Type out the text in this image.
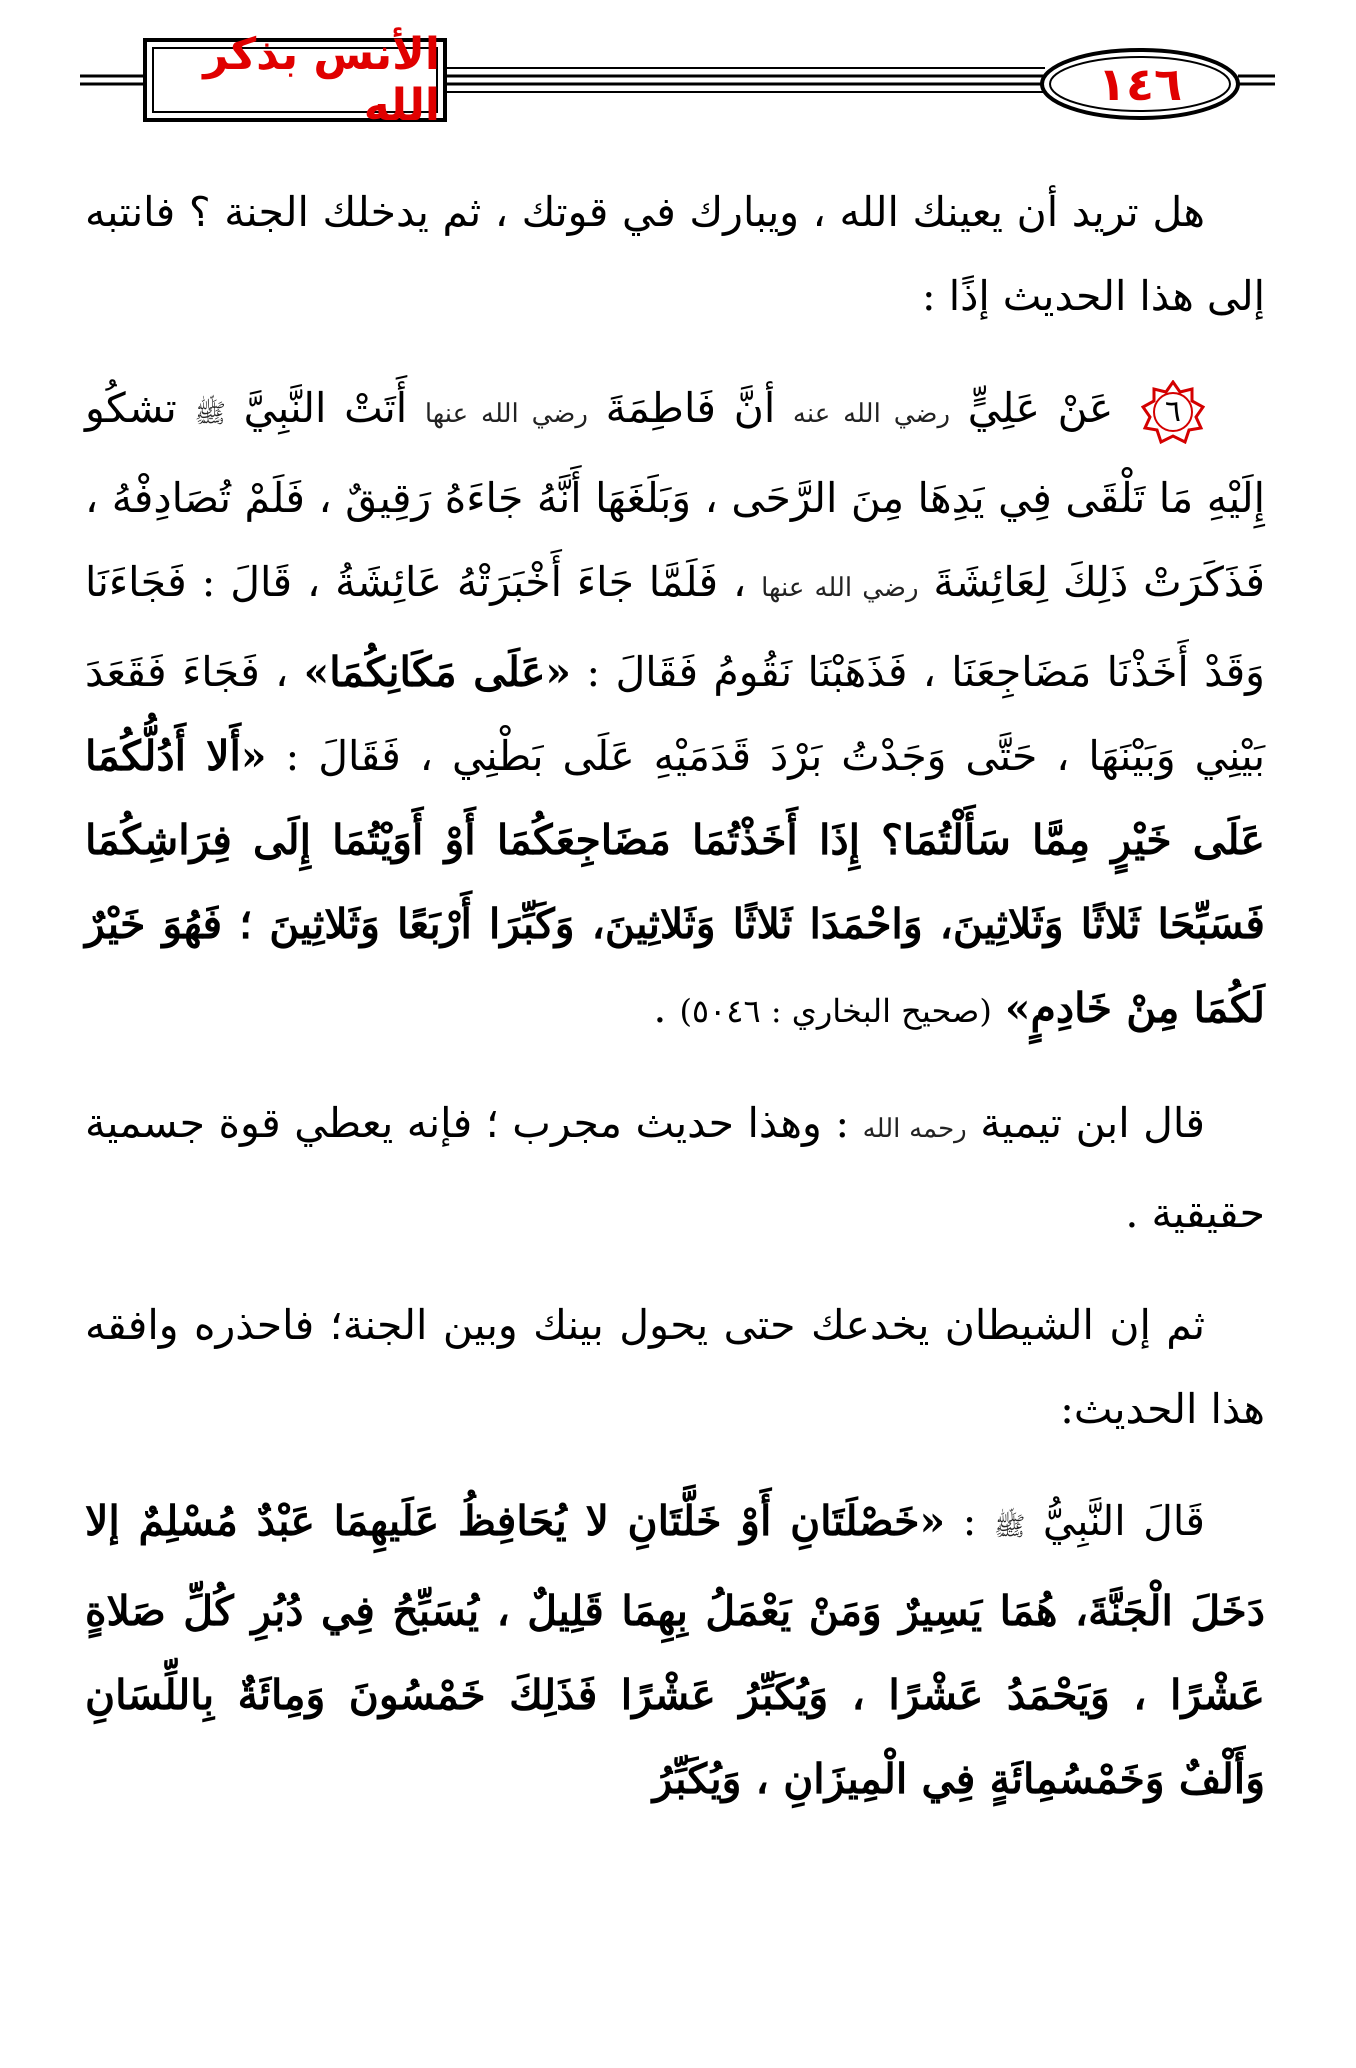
الأنس بذكر الله	١٤٦

هل تريد أن يعينك الله ، ويبارك في قوتك ، ثم يدخلك الجنة ؟ فانتبه إلى هذا الحديث إذًا :

٦
عَنْ عَلِيٍّ رضي الله عنه أنَّ فَاطِمَةَ رضي الله عنها أَتَتْ النَّبِيَّ ﷺ تشكُو إِلَيْهِ مَا تَلْقَى فِي يَدِهَا مِنَ الرَّحَى ، وَبَلَغَهَا أَنَّهُ جَاءَهُ رَقِيقٌ ، فَلَمْ تُصَادِفْهُ ، فَذَكَرَتْ ذَلِكَ لِعَائِشَةَ رضي الله عنها ، فَلَمَّا جَاءَ أَخْبَرَتْهُ عَائِشَةُ ، قَالَ : فَجَاءَنَا وَقَدْ أَخَذْنَا مَضَاجِعَنَا ، فَذَهَبْنَا نَقُومُ فَقَالَ : «عَلَى مَكَانِكُمَا» ، فَجَاءَ فَقَعَدَ بَيْنِي وَبَيْنَهَا ، حَتَّى وَجَدْتُ بَرْدَ قَدَمَيْهِ عَلَى بَطْنِي ، فَقَالَ : «أَلا أَدُلُّكُمَا عَلَى خَيْرٍ مِمَّا سَأَلْتُمَا؟ إِذَا أَخَذْتُمَا مَضَاجِعَكُمَا أَوْ أَوَيْتُمَا إِلَى فِرَاشِكُمَا فَسَبِّحَا ثَلاثًا وَثَلاثِينَ، وَاحْمَدَا ثَلاثًا وَثَلاثِينَ، وَكَبِّرَا أَرْبَعًا وَثَلاثِينَ ؛ فَهُوَ خَيْرٌ لَكُمَا مِنْ خَادِمٍ» (صحيح البخاري : ٥٠٤٦) .

قال ابن تيمية رحمه الله : وهذا حديث مجرب ؛ فإنه يعطي قوة جسمية حقيقية .

ثم إن الشيطان يخدعك حتى يحول بينك وبين الجنة؛ فاحذره وافقه هذا الحديث:

قَالَ النَّبِيُّ ﷺ : «خَصْلَتَانِ أَوْ خَلَّتَانِ لا يُحَافِظُ عَلَيهِمَا عَبْدٌ مُسْلِمٌ إلا دَخَلَ الْجَنَّةَ، هُمَا يَسِيرٌ وَمَنْ يَعْمَلُ بِهِمَا قَلِيلٌ ، يُسَبِّحُ فِي دُبُرِ كُلِّ صَلاةٍ عَشْرًا ، وَيَحْمَدُ عَشْرًا ، وَيُكَبِّرُ عَشْرًا فَذَلِكَ خَمْسُونَ وَمِائَةٌ بِاللِّسَانِ وَأَلْفٌ وَخَمْسُمِائَةٍ فِي الْمِيزَانِ ، وَيُكَبِّرُ
